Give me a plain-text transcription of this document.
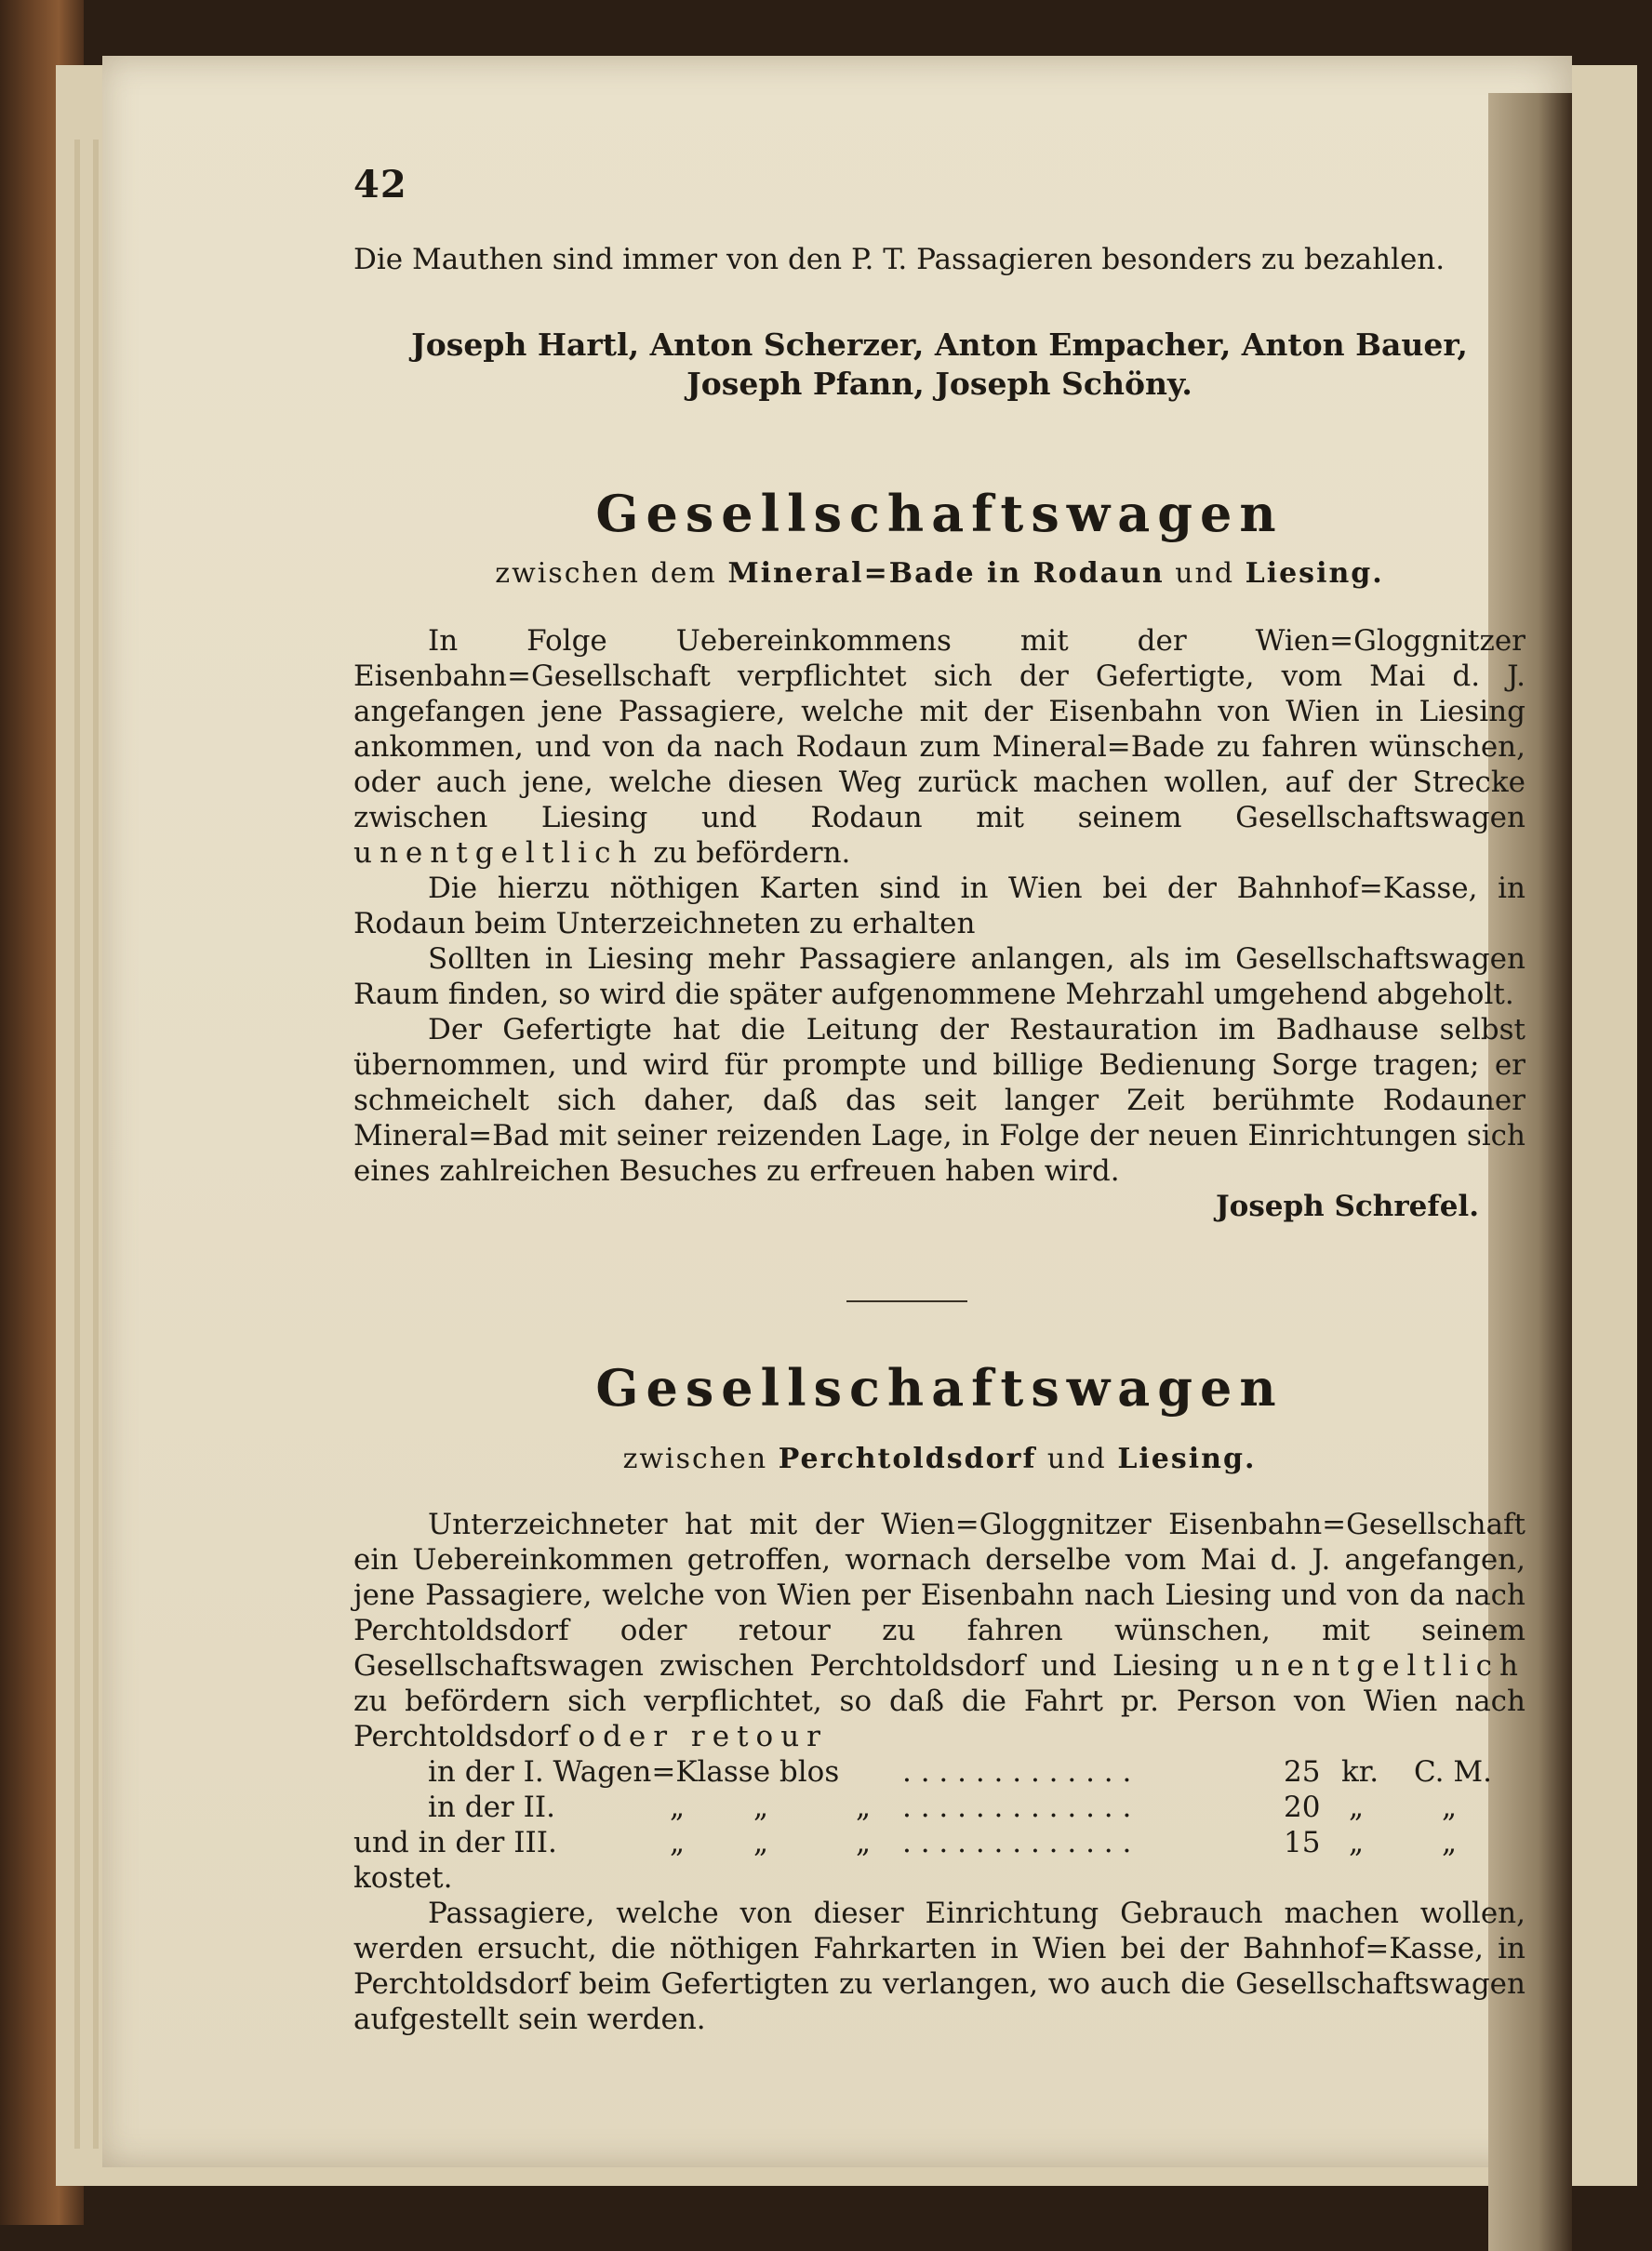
42

Die Mauthen sind immer von den P. T. Passagieren besonders zu bezahlen.

Joseph Hartl, Anton Scherzer, Anton Empacher, Anton Bauer,
Joseph Pfann, Joseph Schöny.
Gesellschaftswagen
zwischen dem Mineral=Bade in Rodaun und Liesing.

In Folge Uebereinkommens mit der Wien=Gloggnitzer Eisenbahn=Gesellschaft verpflichtet sich der Gefertigte, vom Mai d. J. angefangen jene Passagiere, welche mit der Eisenbahn von Wien in Liesing ankommen, und von da nach Rodaun zum Mineral=Bade zu fahren wünschen, oder auch jene, welche diesen Weg zurück machen wollen, auf der Strecke zwischen Liesing und Rodaun mit seinem Gesellschaftswagen unentgeltlich zu befördern.

Die hierzu nöthigen Karten sind in Wien bei der Bahnhof=Kasse, in Rodaun beim Unterzeichneten zu erhalten

Sollten in Liesing mehr Passagiere anlangen, als im Gesellschaftswagen Raum finden, so wird die später aufgenommene Mehrzahl umgehend abgeholt.

Der Gefertigte hat die Leitung der Restauration im Badhause selbst übernommen, und wird für prompte und billige Bedienung Sorge tragen; er schmeichelt sich daher, daß das seit langer Zeit berühmte Rodauner Mineral=Bad mit seiner reizenden Lage, in Folge der neuen Einrichtungen sich eines zahlreichen Besuches zu erfreuen haben wird.

Joseph Schrefel.

Gesellschaftswagen
zwischen Perchtoldsdorf und Liesing.

Unterzeichneter hat mit der Wien=Gloggnitzer Eisenbahn=Gesellschaft ein Uebereinkommen getroffen, wornach derselbe vom Mai d. J. angefangen, jene Passagiere, welche von Wien per Eisenbahn nach Liesing und von da nach Perchtoldsdorf oder retour zu fahren wünschen, mit seinem Gesellschaftswagen zwischen Perchtoldsdorf und Liesing unentgeltlich zu befördern sich verpflichtet, so daß die Fahrt pr. Person von Wien nach Perchtoldsdorf oder retour

in der I. Wagen=Klasse blos . . . . . . . . . . . . .	25 kr. C. M.
in der II.	„ „	„ . . . . . . . . . . . . .	20 „	„
und in der III.	„ „	„ . . . . . . . . . . . . .	15 „	„

kostet.

Passagiere, welche von dieser Einrichtung Gebrauch machen wollen, werden ersucht, die nöthigen Fahrkarten in Wien bei der Bahnhof=Kasse, in Perchtoldsdorf beim Gefertigten zu verlangen, wo auch die Gesellschaftswagen aufgestellt sein werden.
